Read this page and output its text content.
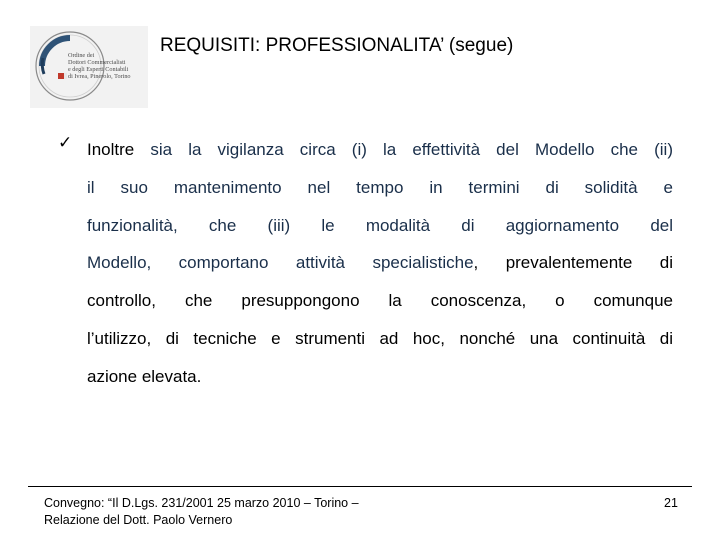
Ordine dei
Dottori Commercialisti
e degli Esperti Contabili
di Ivrea, Pinerolo, Torino
REQUISITI: PROFESSIONALITA’ (segue)
✓ Inoltre sia la vigilanza circa (i) la effettività del Modello che (ii)
il suo mantenimento nel tempo in termini di solidità e
funzionalità, che (iii) le modalità di aggiornamento del
Modello, comportano attività specialistiche, prevalentemente di
controllo, che presuppongono la conoscenza, o comunque
l’utilizzo, di tecniche e strumenti ad hoc, nonché una continuità di
azione elevata.
Convegno: “Il D.Lgs. 231/2001 25 marzo 2010 – Torino –
Relazione del Dott. Paolo Vernero
21
